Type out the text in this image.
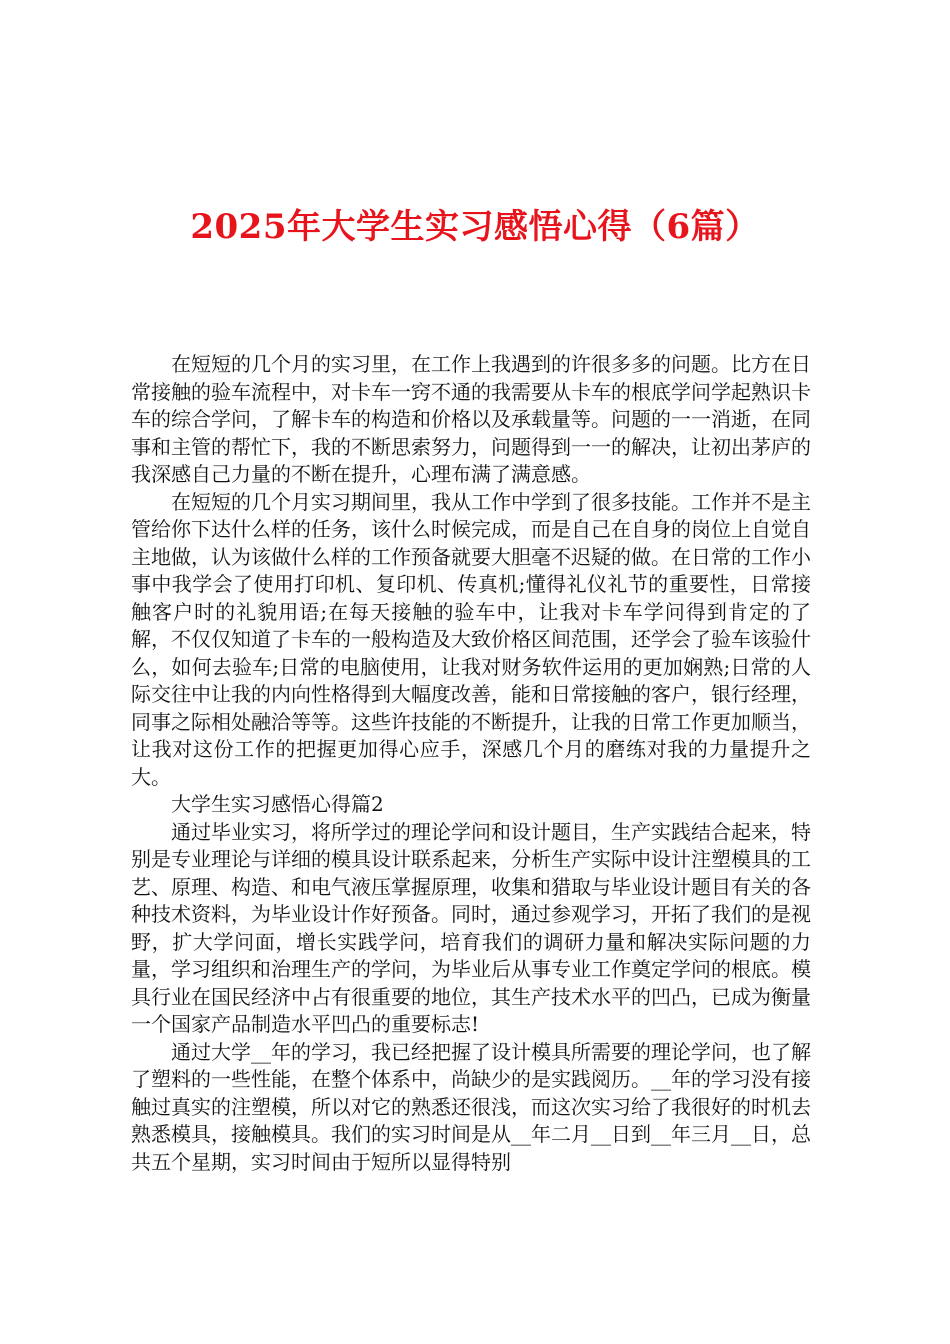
2025年大学生实习感悟心得（6篇）

在短短的几个月的实习里，在工作上我遇到的许很多多的问题。比方在日常接触的验车流程中，对卡车一窍不通的我需要从卡车的根底学问学起熟识卡车的综合学问，了解卡车的构造和价格以及承载量等。问题的一一消逝，在同事和主管的帮忙下，我的不断思索努力，问题得到一一的解决，让初出茅庐的我深感自己力量的不断在提升，心理布满了满意感。

在短短的几个月实习期间里，我从工作中学到了很多技能。工作并不是主管给你下达什么样的任务，该什么时候完成，而是自己在自身的岗位上自觉自主地做，认为该做什么样的工作预备就要大胆毫不迟疑的做。在日常的工作小事中我学会了使用打印机、复印机、传真机;懂得礼仪礼节的重要性，日常接触客户时的礼貌用语;在每天接触的验车中，让我对卡车学问得到肯定的了解，不仅仅知道了卡车的一般构造及大致价格区间范围，还学会了验车该验什么，如何去验车;日常的电脑使用，让我对财务软件运用的更加娴熟;日常的人际交往中让我的内向性格得到大幅度改善，能和日常接触的客户，银行经理，同事之际相处融洽等等。这些许技能的不断提升，让我的日常工作更加顺当，让我对这份工作的把握更加得心应手，深感几个月的磨练对我的力量提升之大。

大学生实习感悟心得篇2

通过毕业实习，将所学过的理论学问和设计题目，生产实践结合起来，特别是专业理论与详细的模具设计联系起来，分析生产实际中设计注塑模具的工艺、原理、构造、和电气液压掌握原理，收集和猎取与毕业设计题目有关的各种技术资料，为毕业设计作好预备。同时，通过参观学习，开拓了我们的是视野，扩大学问面，增长实践学问，培育我们的调研力量和解决实际问题的力量，学习组织和治理生产的学问，为毕业后从事专业工作奠定学问的根底。模具行业在国民经济中占有很重要的地位，其生产技术水平的凹凸，已成为衡量一个国家产品制造水平凹凸的重要标志!

通过大学__年的学习，我已经把握了设计模具所需要的理论学问，也了解了塑料的一些性能，在整个体系中，尚缺少的是实践阅历。__年的学习没有接触过真实的注塑模，所以对它的熟悉还很浅，而这次实习给了我很好的时机去熟悉模具，接触模具。我们的实习时间是从__年二月__日到__年三月__日，总共五个星期，实习时间由于短所以显得特别
